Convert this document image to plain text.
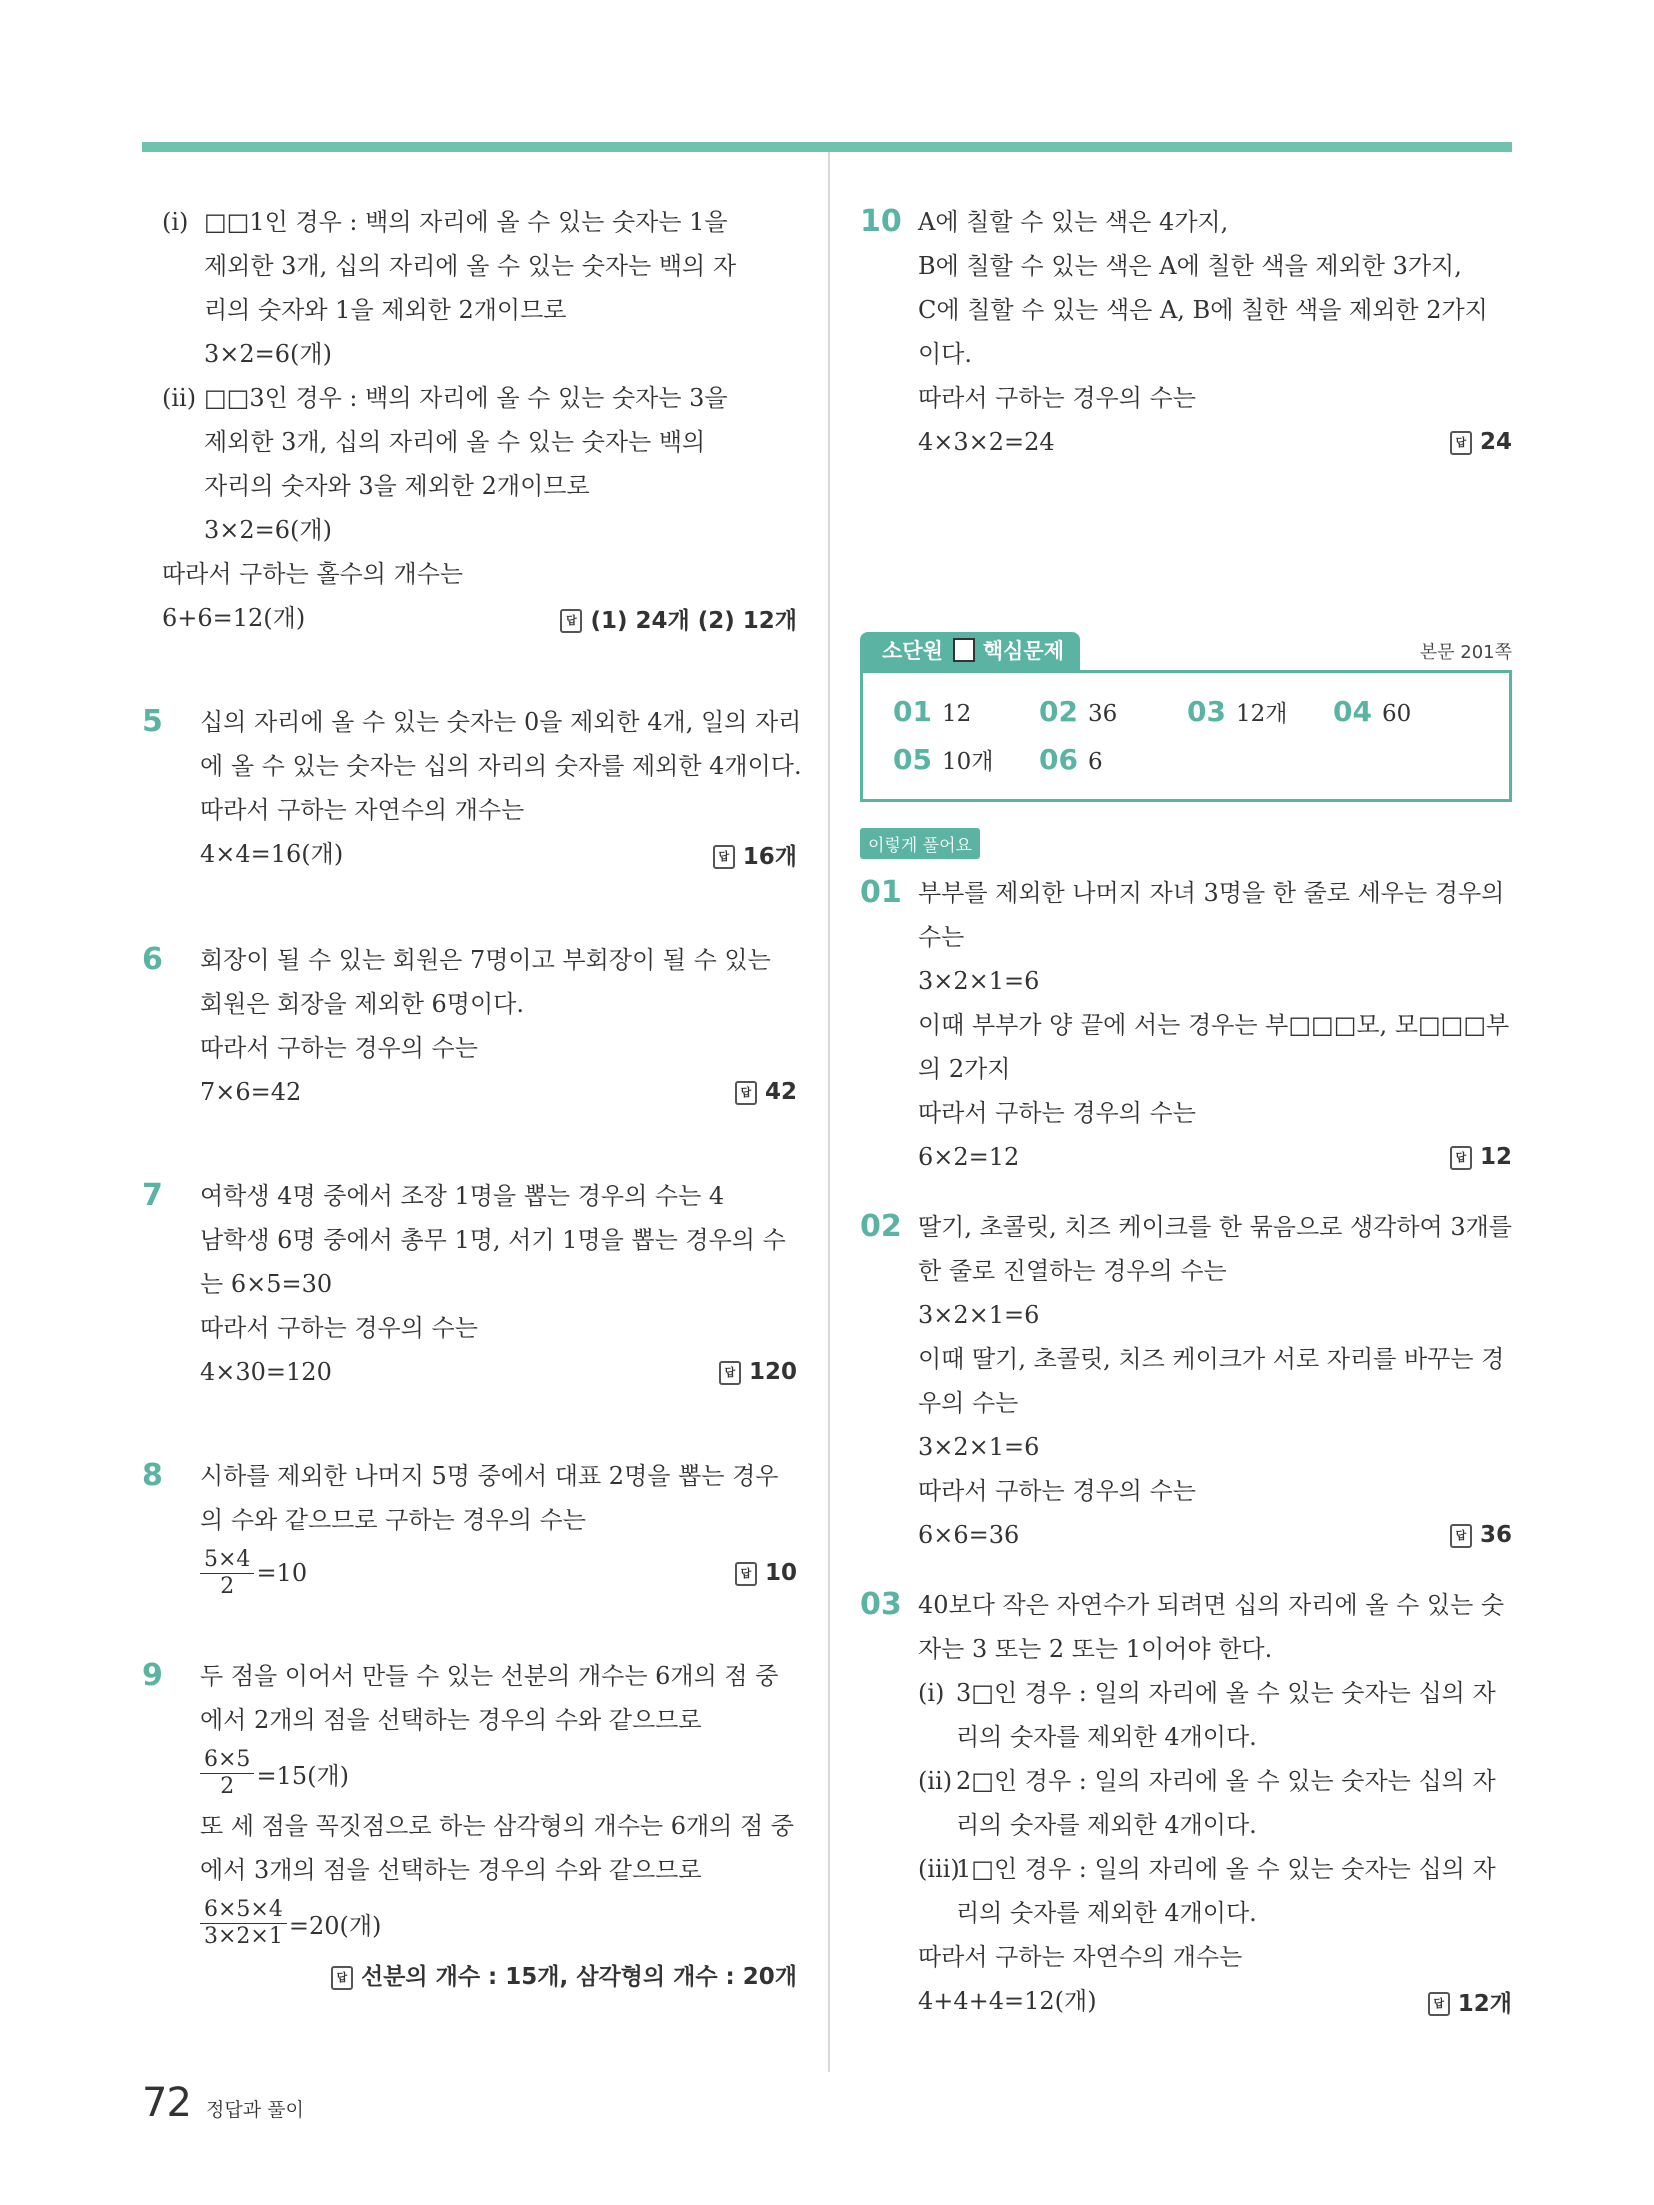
(ⅰ) □□1인 경우 : 백의 자리에 올 수 있는 숫자는 1을
제외한 3개, 십의 자리에 올 수 있는 숫자는 백의 자
리의 숫자와 1을 제외한 2개이므로
3×2=6(개)
(ⅱ) □□3인 경우 : 백의 자리에 올 수 있는 숫자는 3을
제외한 3개, 십의 자리에 올 수 있는 숫자는 백의
자리의 숫자와 3을 제외한 2개이므로
3×2=6(개)
따라서 구하는 홀수의 개수는
6+6=12(개)	답 (1) 24개 (2) 12개
5 십의 자리에 올 수 있는 숫자는 0을 제외한 4개, 일의 자리
에 올 수 있는 숫자는 십의 자리의 숫자를 제외한 4개이다.
따라서 구하는 자연수의 개수는
4×4=16(개)	답 16개
6 회장이 될 수 있는 회원은 7명이고 부회장이 될 수 있는
회원은 회장을 제외한 6명이다.
따라서 구하는 경우의 수는
7×6=42	답 42
7 여학생 4명 중에서 조장 1명을 뽑는 경우의 수는 4
남학생 6명 중에서 총무 1명, 서기 1명을 뽑는 경우의 수
는 6×5=30
따라서 구하는 경우의 수는
4×30=120	답 120
8 시하를 제외한 나머지 5명 중에서 대표 2명을 뽑는 경우
의 수와 같으므로 구하는 경우의 수는
$\frac{5\times 4}{2} =10$	답 10
9 두 점을 이어서 만들 수 있는 선분의 개수는 6개의 점 중
에서 2개의 점을 선택하는 경우의 수와 같으므로
$\frac{6\times 5}{2} =15$(개)
또 세 점을 꼭짓점으로 하는 삼각형의 개수는 6개의 점 중
에서 3개의 점을 선택하는 경우의 수와 같으므로
$\frac{6\times 5\times 4}{3\times 2\times 1} =20$(개)
답 선분의 개수 : 15개, 삼각형의 개수 : 20개
10 A에 칠할 수 있는 색은 4가지,
B에 칠할 수 있는 색은 A에 칠한 색을 제외한 3가지,
C에 칠할 수 있는 색은 A, B에 칠한 색을 제외한 2가지
이다.
따라서 구하는 경우의 수는
4×3×2=24	답 24
소단원 핵심문제	본문 201쪽
01 12 02 36 03 12개 04 60
05 10개 06 6
이렇게 풀어요
01 부부를 제외한 나머지 자녀 3명을 한 줄로 세우는 경우의
수는
3×2×1=6
이때 부부가 양 끝에 서는 경우는 부□□□모, 모□□□부
의 2가지
따라서 구하는 경우의 수는
6×2=12	답 12
02 딸기, 초콜릿, 치즈 케이크를 한 묶음으로 생각하여 3개를
한 줄로 진열하는 경우의 수는
3×2×1=6
이때 딸기, 초콜릿, 치즈 케이크가 서로 자리를 바꾸는 경
우의 수는
3×2×1=6
따라서 구하는 경우의 수는
6×6=36	답 36
03 40보다 작은 자연수가 되려면 십의 자리에 올 수 있는 숫
자는 3 또는 2 또는 1이어야 한다.
(ⅰ) 3□인 경우 : 일의 자리에 올 수 있는 숫자는 십의 자
리의 숫자를 제외한 4개이다.
(ⅱ) 2□인 경우 : 일의 자리에 올 수 있는 숫자는 십의 자
리의 숫자를 제외한 4개이다.
(ⅲ)
1□인 경우 : 일의 자리에 올 수 있는 숫자는 십의 자
리의 숫자를 제외한 4개이다.
따라서 구하는 자연수의 개수는
4+4+4=12(개)	답 12개
72 정답과 풀이
